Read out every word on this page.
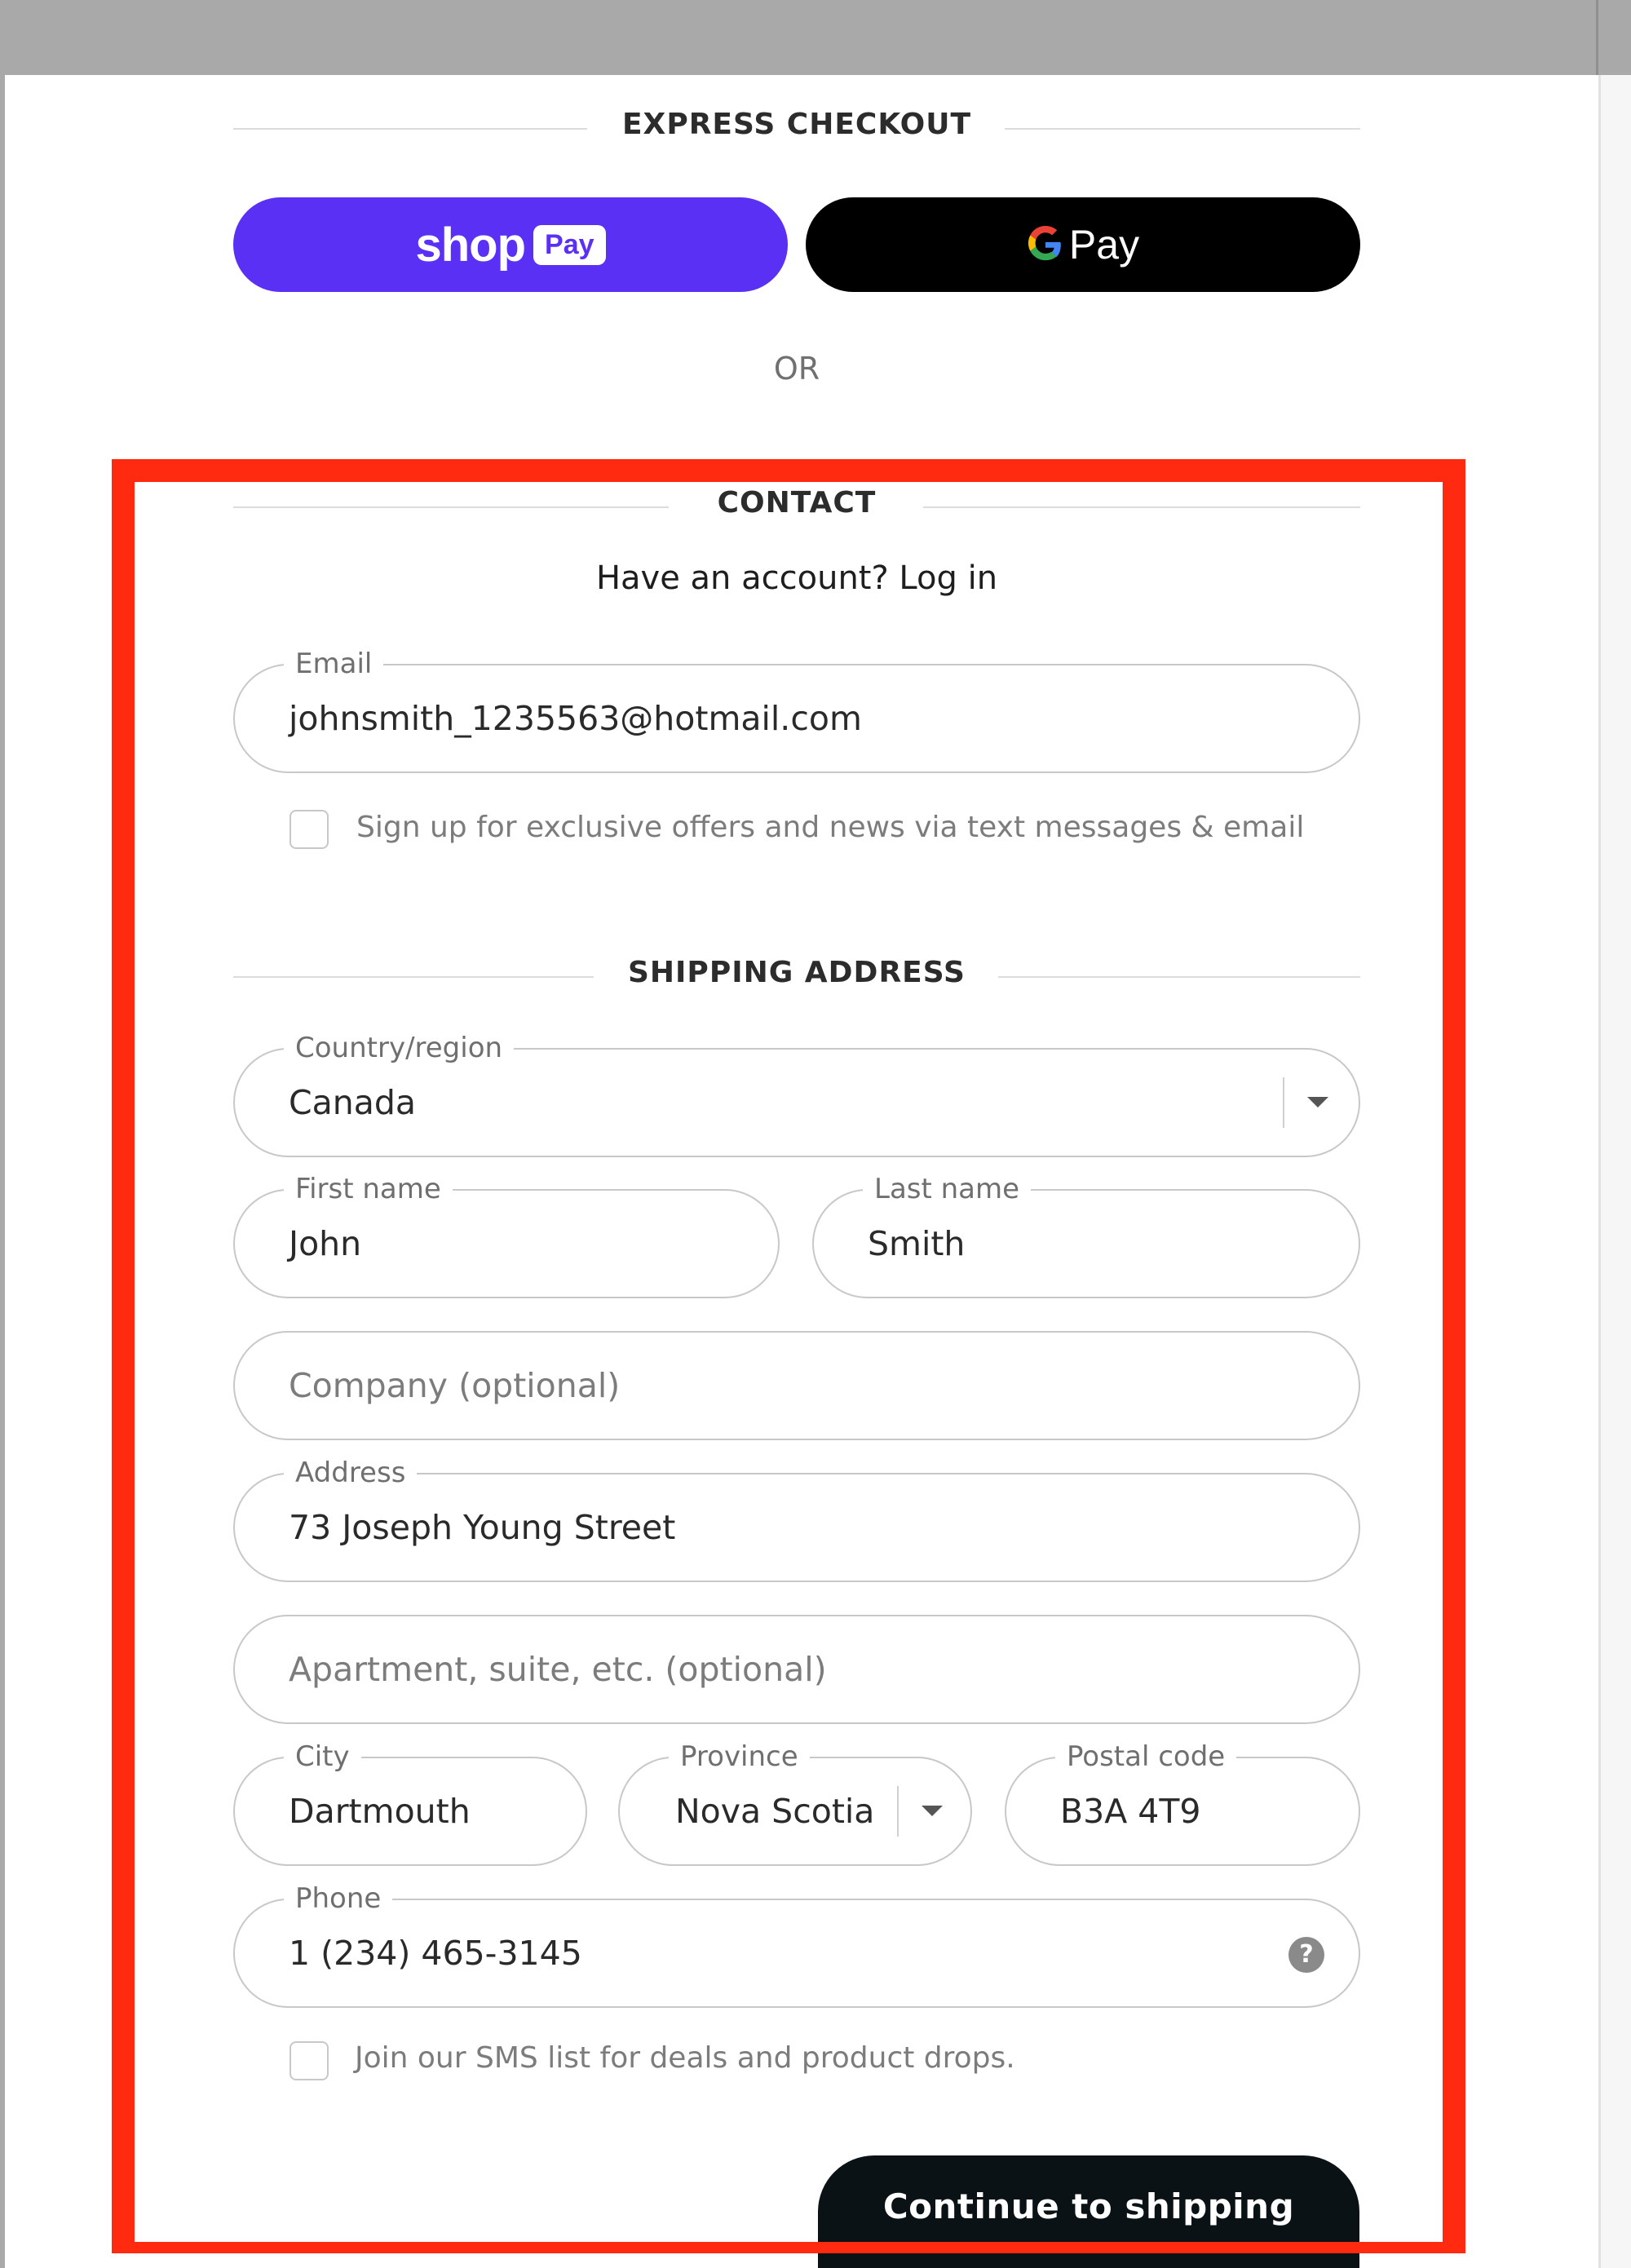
EXPRESS CHECKOUT
shop Pay	Pay
OR
CONTACT
Have an account? Log in
Email
johnsmith_1235563@hotmail.com
Sign up for exclusive offers and news via text messages & email
SHIPPING ADDRESS
Country/region
Canada
First name
John
Last name
Smith
Company (optional)
Address
73 Joseph Young Street
Apartment, suite, etc. (optional)
City
Dartmouth
Province
Nova Scotia
Postal code
B3A 4T9
Phone
1 (234) 465-3145	?
Join our SMS list for deals and product drops.
Continue to shipping
